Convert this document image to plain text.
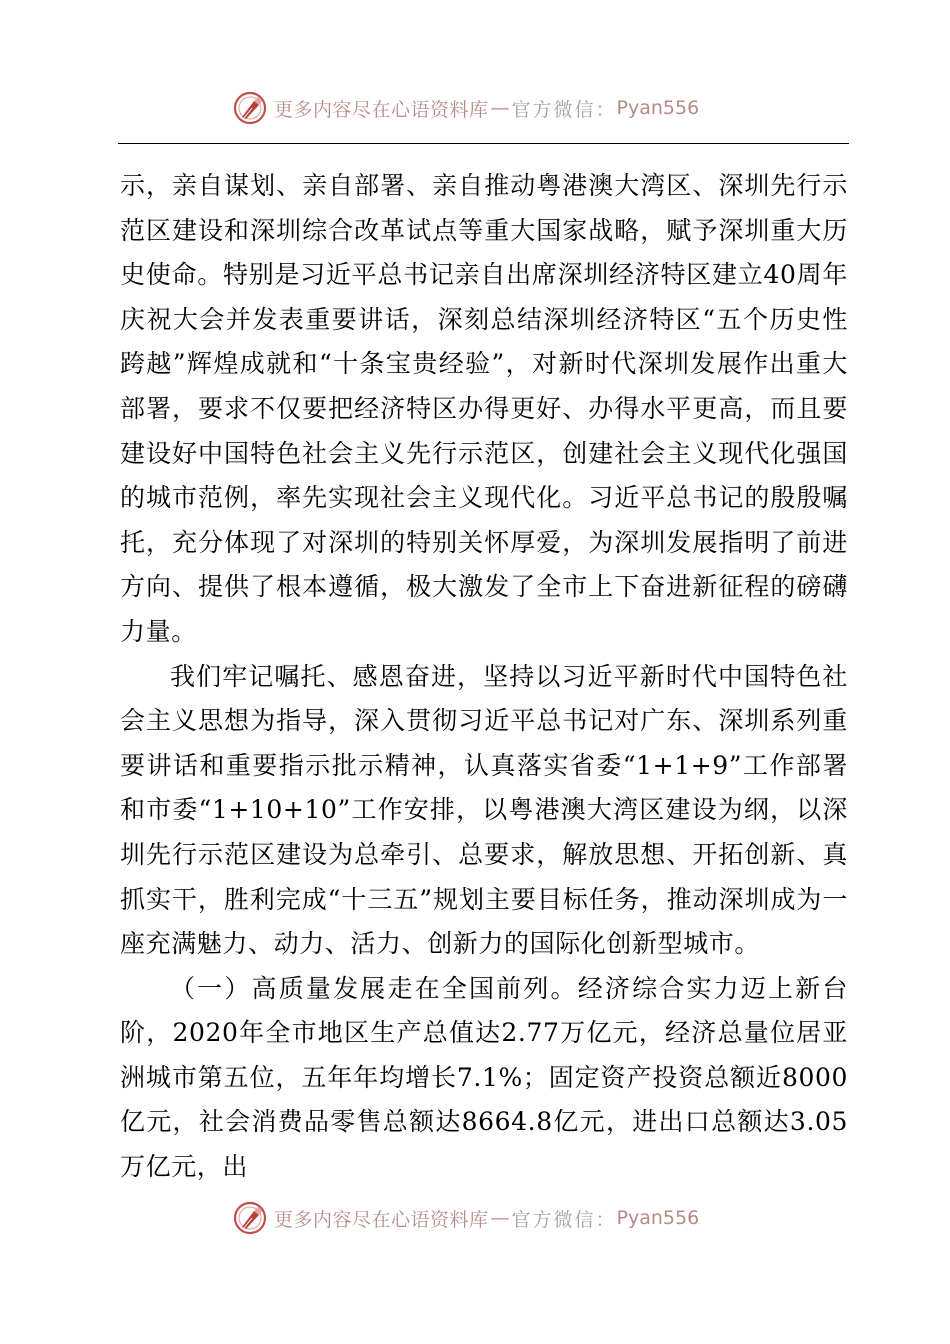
更多内容尽在心语资料库 — 官方微信： Pyan556

示，亲自谋划、亲自部署、亲自推动粤港澳大湾区、深圳先行示范区建设和深圳综合改革试点等重大国家战略，赋予深圳重大历史使命。特别是习近平总书记亲自出席深圳经济特区建立40周年庆祝大会并发表重要讲话，深刻总结深圳经济特区“五个历史性跨越”辉煌成就和“十条宝贵经验”，对新时代深圳发展作出重大部署，要求不仅要把经济特区办得更好、办得水平更高，而且要建设好中国特色社会主义先行示范区，创建社会主义现代化强国的城市范例，率先实现社会主义现代化。习近平总书记的殷殷嘱托，充分体现了对深圳的特别关怀厚爱，为深圳发展指明了前进方向、提供了根本遵循，极大激发了全市上下奋进新征程的磅礴力量。

我们牢记嘱托、感恩奋进，坚持以习近平新时代中国特色社会主义思想为指导，深入贯彻习近平总书记对广东、深圳系列重要讲话和重要指示批示精神，认真落实省委“1+1+9”工作部署和市委“1+10+10”工作安排，以粤港澳大湾区建设为纲，以深圳先行示范区建设为总牵引、总要求，解放思想、开拓创新、真抓实干，胜利完成“十三五”规划主要目标任务，推动深圳成为一座充满魅力、动力、活力、创新力的国际化创新型城市。

（一）高质量发展走在全国前列。经济综合实力迈上新台阶，2020年全市地区生产总值达2.77万亿元，经济总量位居亚洲城市第五位，五年年均增长7.1%；固定资产投资总额近8000亿元，社会消费品零售总额达8664.8亿元，进出口总额达3.05万亿元，出

更多内容尽在心语资料库 — 官方微信： Pyan556
